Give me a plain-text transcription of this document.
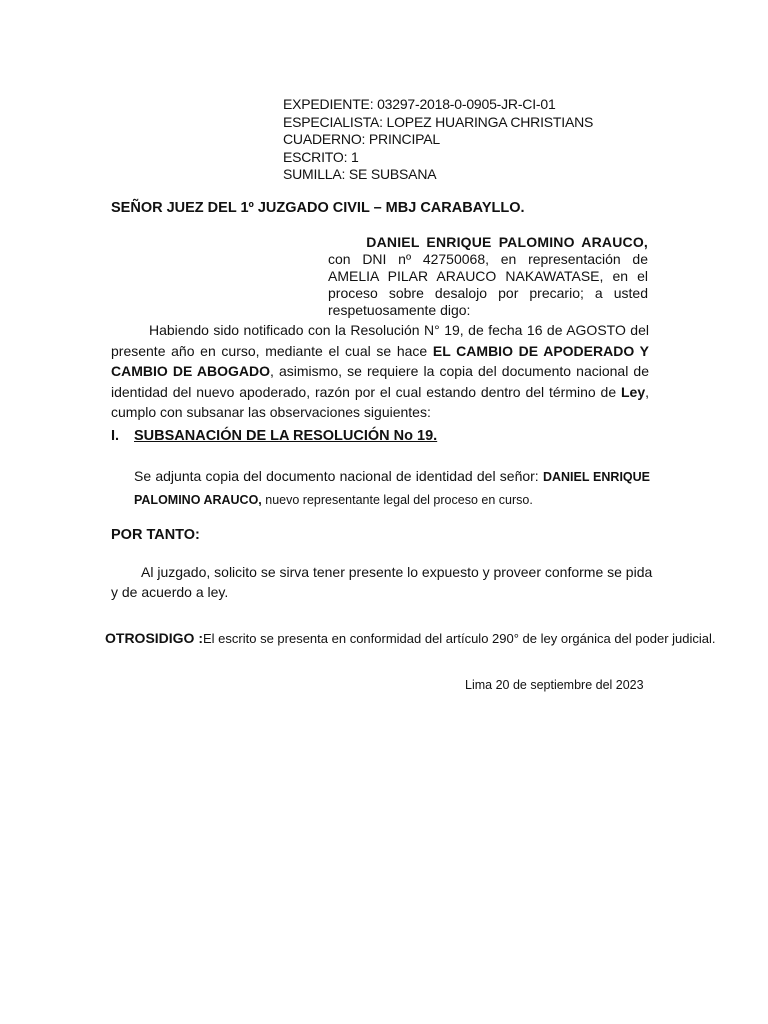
EXPEDIENTE: 03297-2018-0-0905-JR-CI-01
ESPECIALISTA: LOPEZ HUARINGA CHRISTIANS
CUADERNO: PRINCIPAL
ESCRITO: 1
SUMILLA: SE SUBSANA
SEÑOR JUEZ DEL 1º JUZGADO CIVIL – MBJ CARABAYLLO.
DANIEL ENRIQUE PALOMINO ARAUCO,
con DNI nº 42750068, en representación de AMELIA PILAR ARAUCO NAKAWATASE, en el proceso sobre desalojo por precario; a usted respetuosamente digo:
Habiendo sido notificado con la Resolución N° 19, de fecha 16 de AGOSTO del presente año en curso, mediante el cual se hace EL CAMBIO DE APODERADO Y CAMBIO DE ABOGADO, asimismo, se requiere la copia del documento nacional de identidad del nuevo apoderado, razón por el cual estando dentro del término de Ley, cumplo con subsanar las observaciones siguientes:
I. SUBSANACIÓN DE LA RESOLUCIÓN No 19.
Se adjunta copia del documento nacional de identidad del señor: DANIEL ENRIQUE PALOMINO ARAUCO, nuevo representante legal del proceso en curso.
POR TANTO:
Al juzgado, solicito se sirva tener presente lo expuesto y proveer conforme se pida y de acuerdo a ley.
OTROSIDIGO :El escrito se presenta en conformidad del artículo 290° de ley orgánica del poder judicial.
Lima 20 de septiembre del 2023
